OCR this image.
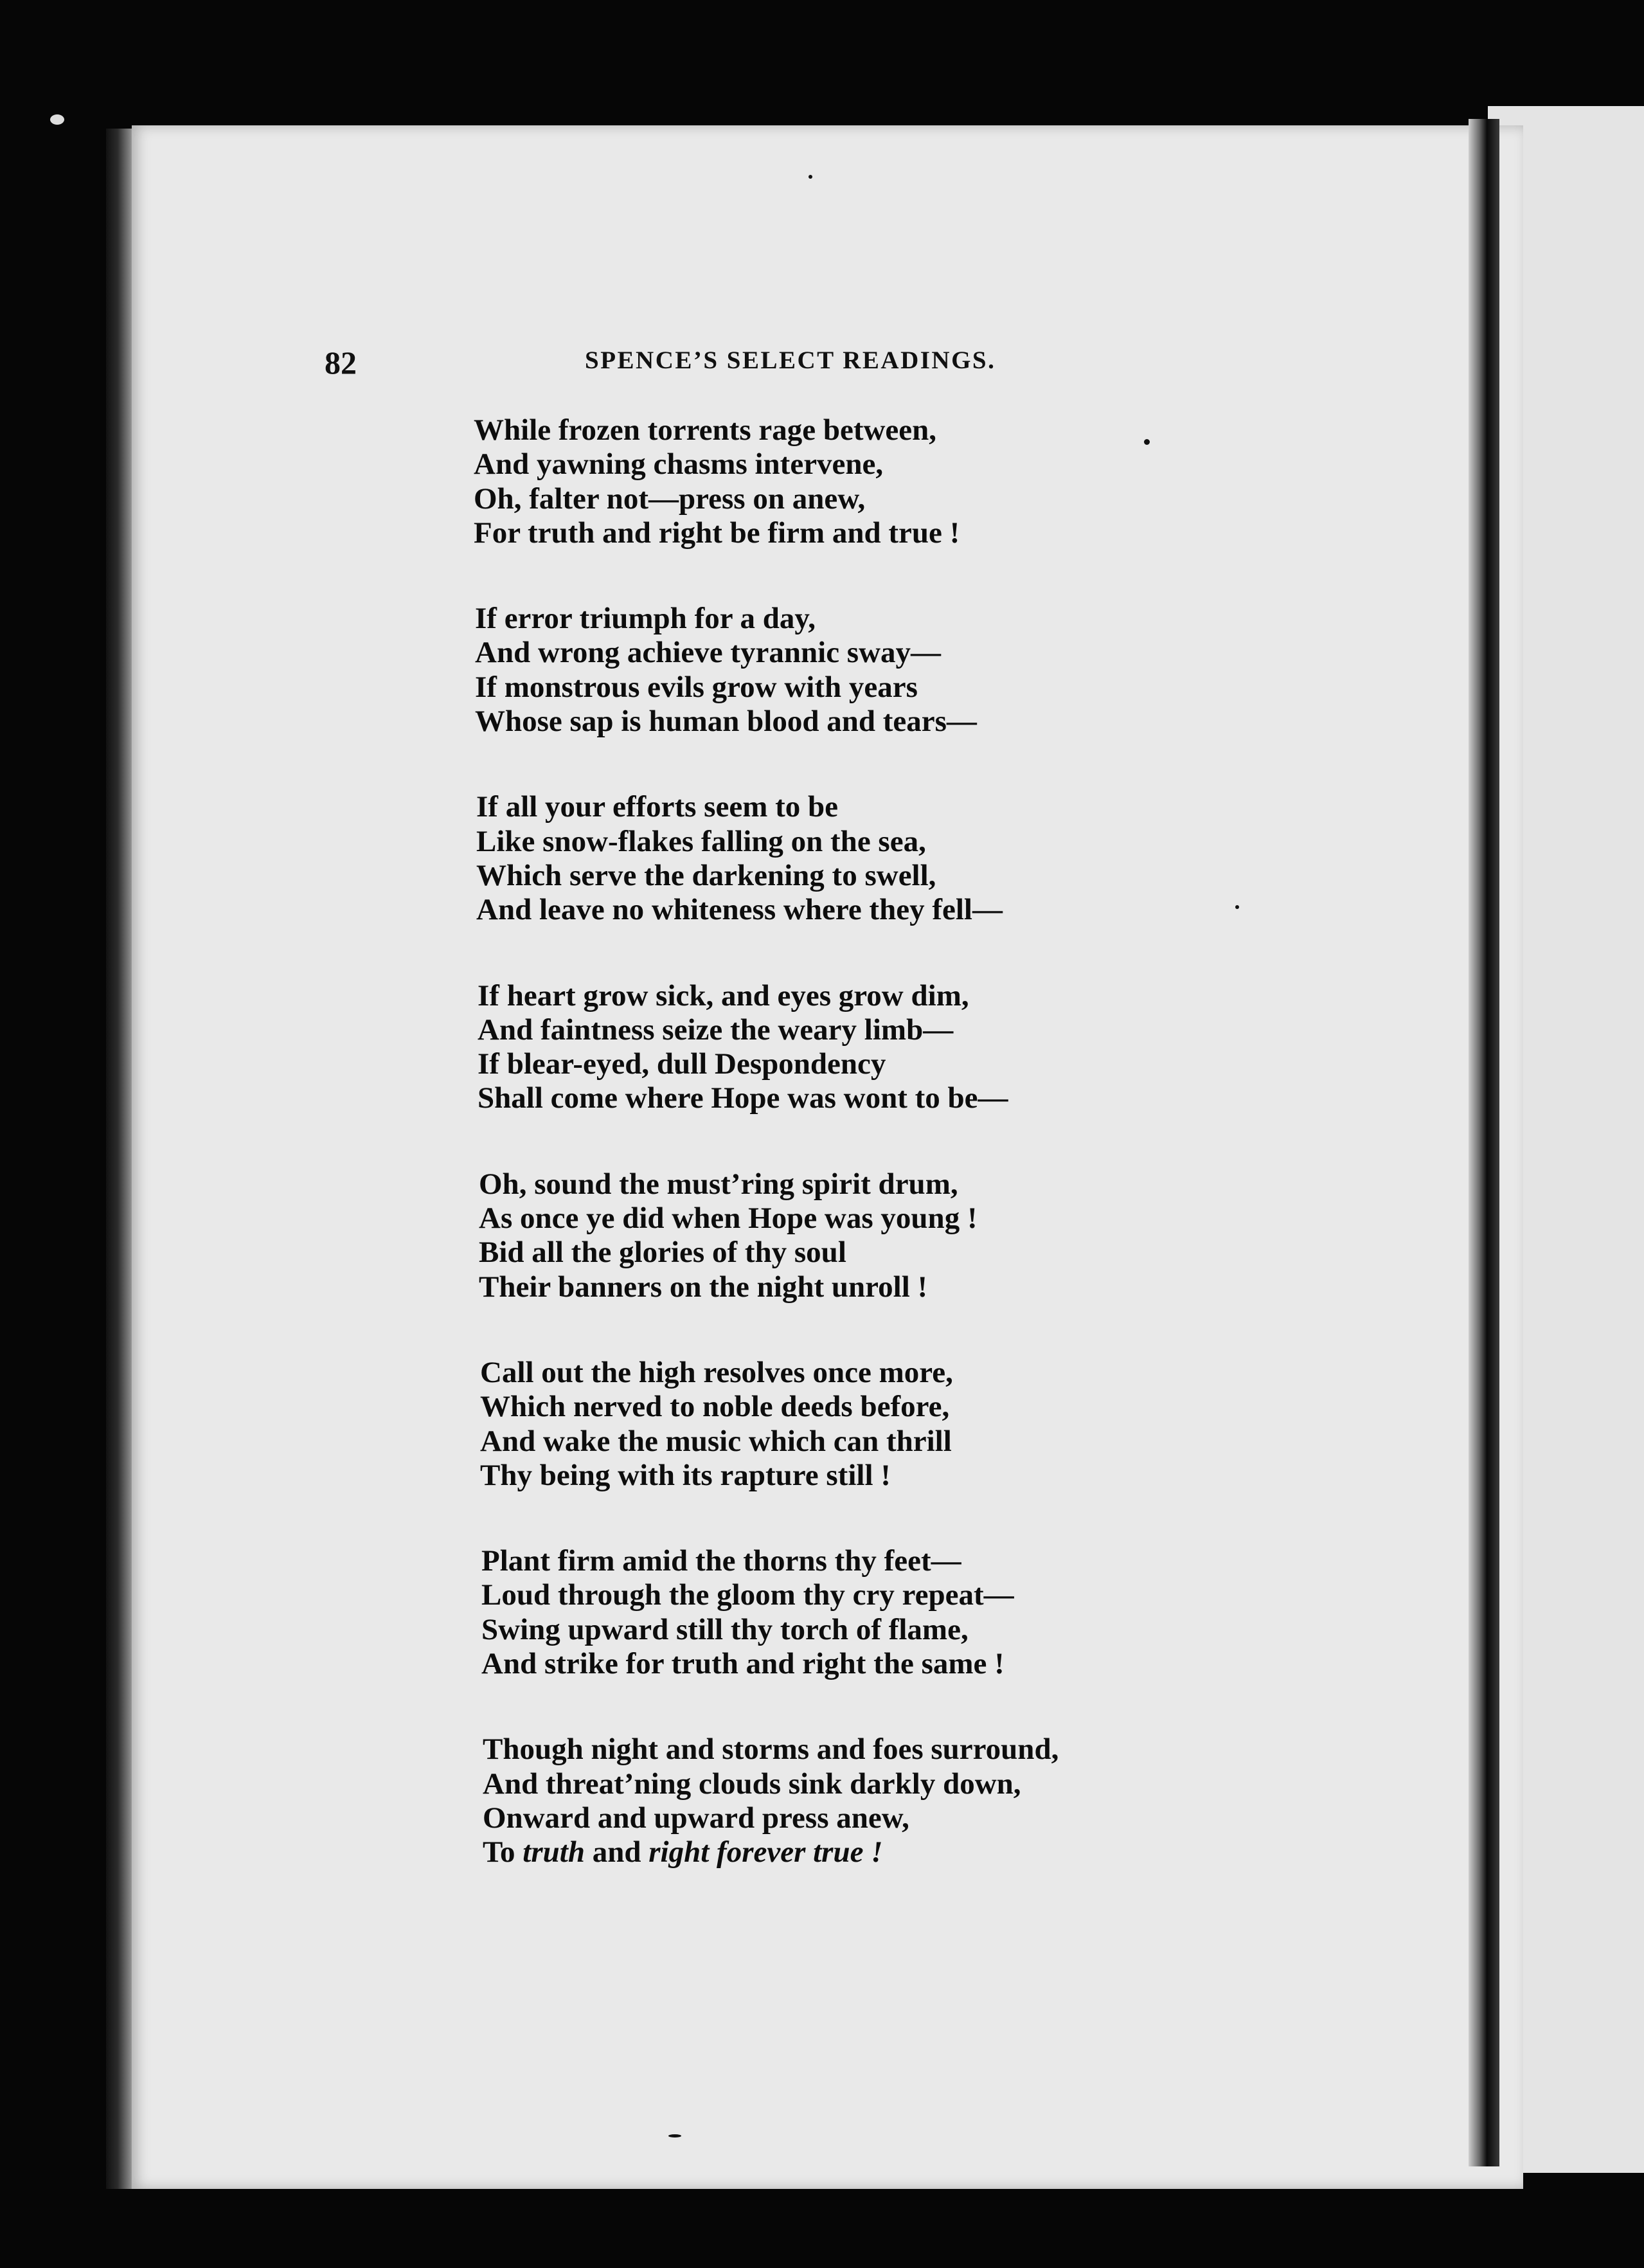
82	SPENCE’S SELECT READINGS.
While frozen torrents rage between,
And yawning chasms intervene,
Oh, falter not—press on anew,
For truth and right be firm and true !
If error triumph for a day,
And wrong achieve tyrannic sway—
If monstrous evils grow with years
Whose sap is human blood and tears—
If all your efforts seem to be
Like snow-flakes falling on the sea,
Which serve the darkening to swell,
And leave no whiteness where they fell—
If heart grow sick, and eyes grow dim,
And faintness seize the weary limb—
If blear-eyed, dull Despondency
Shall come where Hope was wont to be—
Oh, sound the must’ring spirit drum,
As once ye did when Hope was young !
Bid all the glories of thy soul
Their banners on the night unroll !
Call out the high resolves once more,
Which nerved to noble deeds before,
And wake the music which can thrill
Thy being with its rapture still !
Plant firm amid the thorns thy feet—
Loud through the gloom thy cry repeat—
Swing upward still thy torch of flame,
And strike for truth and right the same !
Though night and storms and foes surround,
And threat’ning clouds sink darkly down,
Onward and upward press anew,
To truth and right forever true !
